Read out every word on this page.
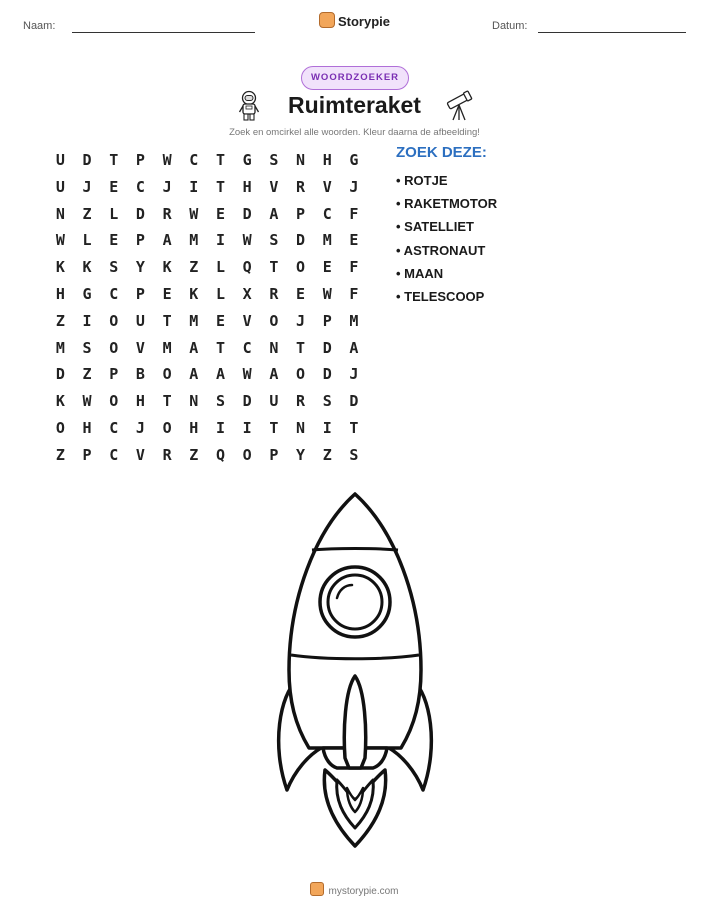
Naam:	Storypie	Datum:
WOORDZOEKER
Ruimteraket
Zoek en omcirkel alle woorden. Kleur daarna de afbeelding!
U D T P W C T G S N H G
U J E C J I T H V R V J
N Z L D R W E D A P C F
W L E P A M I W S D M E
K K S Y K Z L Q T O E F
H G C P E K L X R E W F
Z I O U T M E V O J P M
M S O V M A T C N T D A
D Z P B O A A W A O D J
K W O H T N S D U R S D
O H C J O H I I T N I T
Z P C V R Z Q O P Y Z S
ZOEK DEZE:
• ROTJE
• RAKETMOTOR
• SATELLIET
• ASTRONAUT
• MAAN
• TELESCOOP
mystorypie.com
